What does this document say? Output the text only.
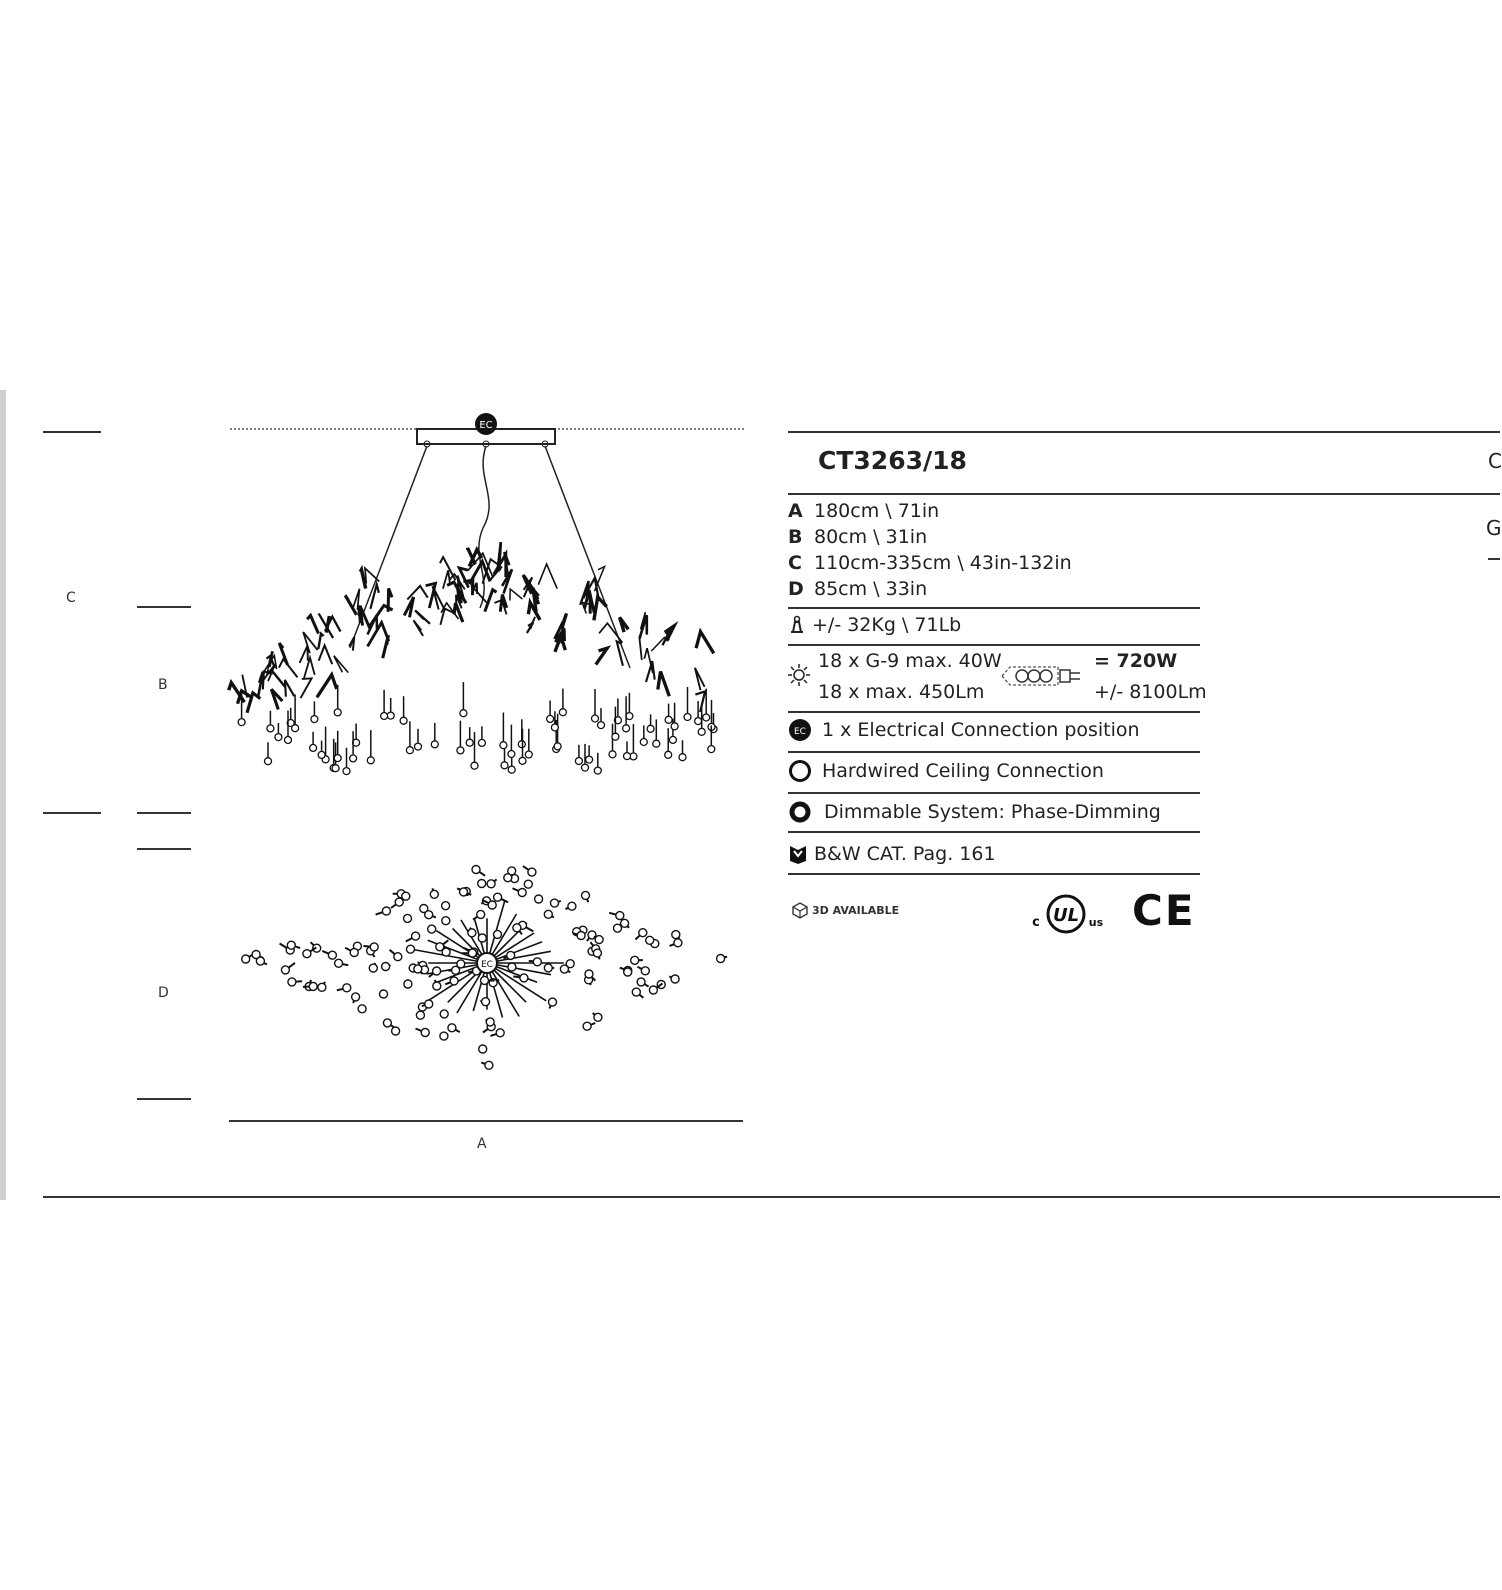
C
B
D
A
EC
EC
CT3263/18
A 180cm \ 71in
B 80cm \ 31in
C 110cm-335cm \ 43in-132in
D 85cm \ 33in
+/- 32Kg \ 71Lb
18 x G-9 max. 40W
18 x max. 450Lm
= 720W
+/- 8100Lm
EC 1 x Electrical Connection position
Hardwired Ceiling Connection
Dimmable System: Phase-Dimming
B&W CAT. Pag. 161
3D AVAILABLE	UL
c	us CE
C
G
